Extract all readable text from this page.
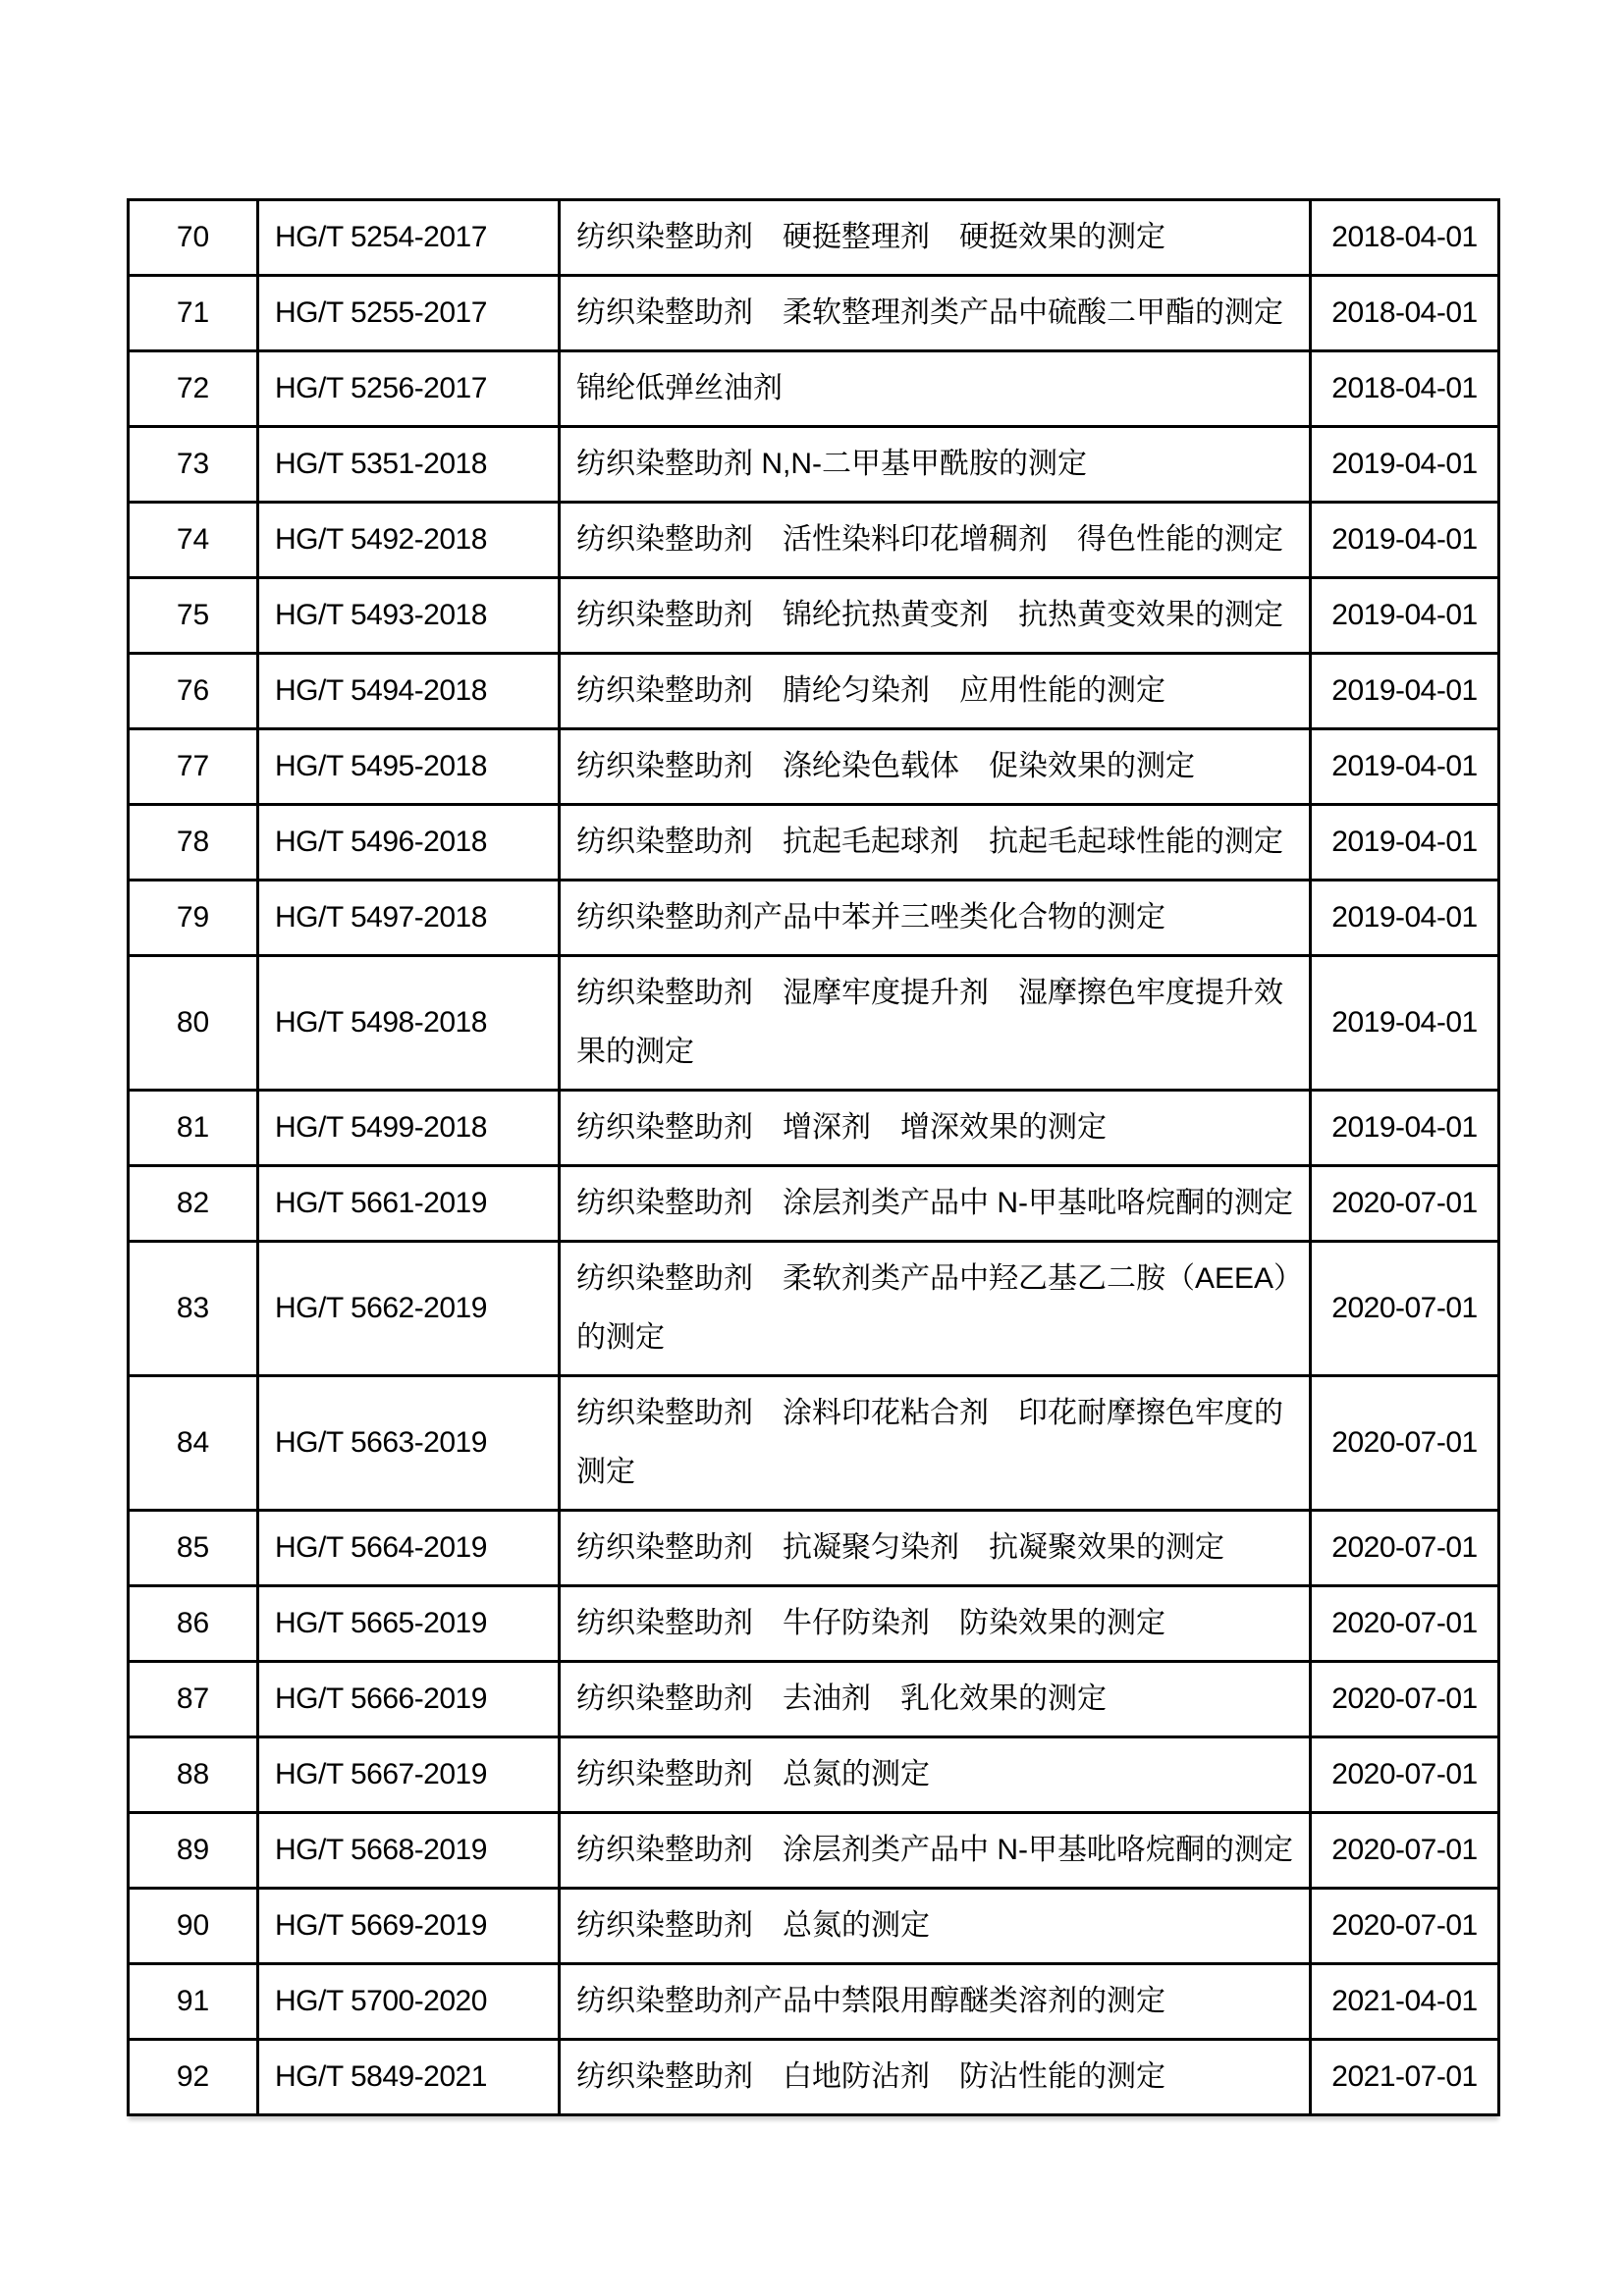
70	HG/T 5254-2017	纺织染整助剂　硬挺整理剂　硬挺效果的测定	2018-04-01
71	HG/T 5255-2017	纺织染整助剂　柔软整理剂类产品中硫酸二甲酯的测定	2018-04-01
72	HG/T 5256-2017	锦纶低弹丝油剂	2018-04-01
73	HG/T 5351-2018	纺织染整助剂 N,N-二甲基甲酰胺的测定	2019-04-01
74	HG/T 5492-2018	纺织染整助剂　活性染料印花增稠剂　得色性能的测定	2019-04-01
75	HG/T 5493-2018	纺织染整助剂　锦纶抗热黄变剂　抗热黄变效果的测定	2019-04-01
76	HG/T 5494-2018	纺织染整助剂　腈纶匀染剂　应用性能的测定	2019-04-01
77	HG/T 5495-2018	纺织染整助剂　涤纶染色载体　促染效果的测定	2019-04-01
78	HG/T 5496-2018	纺织染整助剂　抗起毛起球剂　抗起毛起球性能的测定	2019-04-01
79	HG/T 5497-2018	纺织染整助剂产品中苯并三唑类化合物的测定	2019-04-01
80	HG/T 5498-2018	纺织染整助剂　湿摩牢度提升剂　湿摩擦色牢度提升效果的测定	2019-04-01
81	HG/T 5499-2018	纺织染整助剂　增深剂　增深效果的测定	2019-04-01
82	HG/T 5661-2019	纺织染整助剂　涂层剂类产品中 N-甲基吡咯烷酮的测定	2020-07-01
83	HG/T 5662-2019	纺织染整助剂　柔软剂类产品中羟乙基乙二胺（AEEA）的测定	2020-07-01
84	HG/T 5663-2019	纺织染整助剂　涂料印花粘合剂　印花耐摩擦色牢度的测定	2020-07-01
85	HG/T 5664-2019	纺织染整助剂　抗凝聚匀染剂　抗凝聚效果的测定	2020-07-01
86	HG/T 5665-2019	纺织染整助剂　牛仔防染剂　防染效果的测定	2020-07-01
87	HG/T 5666-2019	纺织染整助剂　去油剂　乳化效果的测定	2020-07-01
88	HG/T 5667-2019	纺织染整助剂　总氮的测定	2020-07-01
89	HG/T 5668-2019	纺织染整助剂　涂层剂类产品中 N-甲基吡咯烷酮的测定	2020-07-01
90	HG/T 5669-2019	纺织染整助剂　总氮的测定	2020-07-01
91	HG/T 5700-2020	纺织染整助剂产品中禁限用醇醚类溶剂的测定	2021-04-01
92	HG/T 5849-2021	纺织染整助剂　白地防沾剂　防沾性能的测定	2021-07-01
